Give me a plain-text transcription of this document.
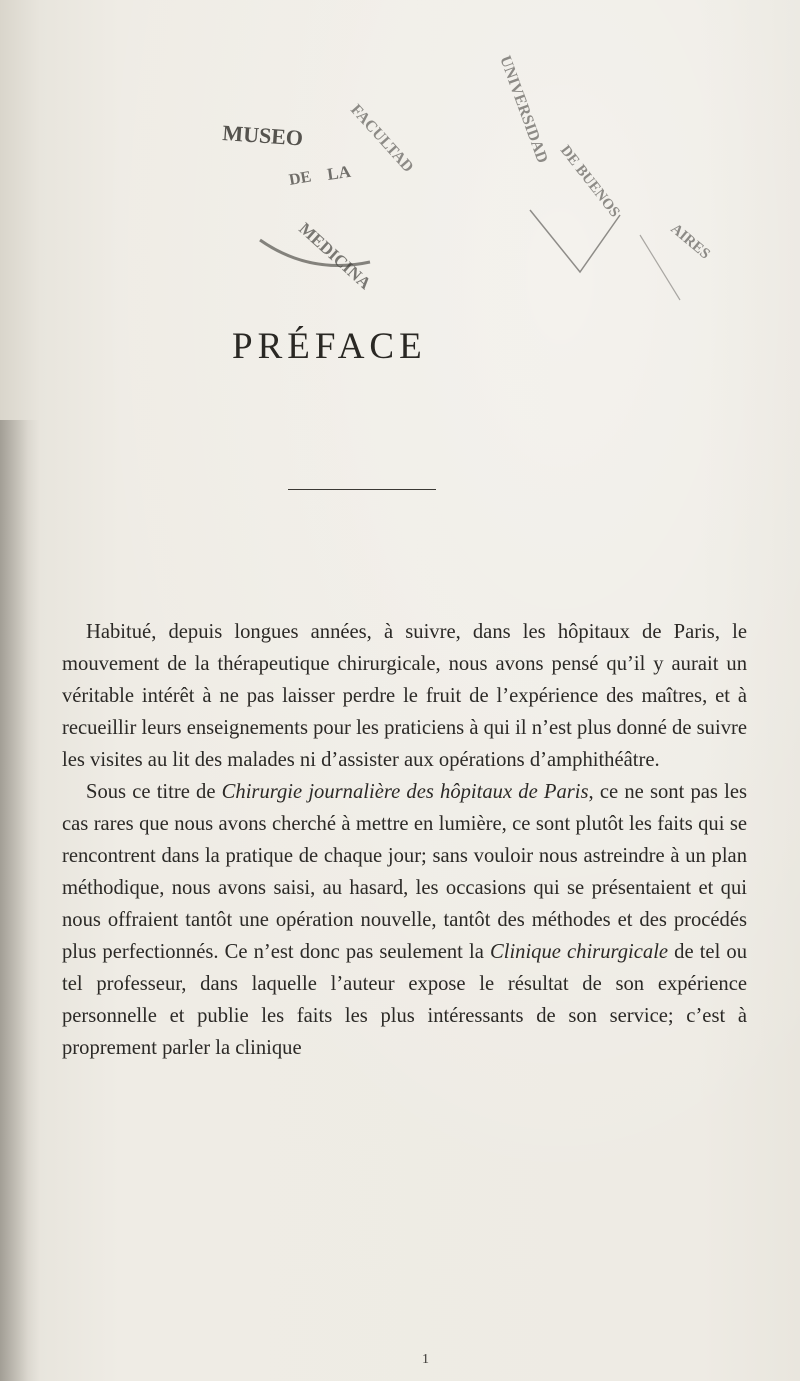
MUSEO
DE LA
MEDICINA
FACULTAD	UNIVERSIDAD
DE BUENOS
AIRES
PRÉFACE

Habitué, depuis longues années, à suivre, dans les hôpitaux de Paris, le mouvement de la thérapeutique chirurgicale, nous avons pensé qu’il y aurait un véritable intérêt à ne pas laisser perdre le fruit de l’expérience des maîtres, et à recueillir leurs enseignements pour les praticiens à qui il n’est plus donné de suivre les visites au lit des malades ni d’assister aux opérations d’amphithéâtre.

Sous ce titre de Chirurgie journalière des hôpitaux de Paris, ce ne sont pas les cas rares que nous avons cherché à mettre en lumière, ce sont plutôt les faits qui se rencontrent dans la pratique de chaque jour; sans vouloir nous astreindre à un plan méthodique, nous avons saisi, au hasard, les occasions qui se présentaient et qui nous offraient tantôt une opération nouvelle, tantôt des méthodes et des procédés plus perfectionnés. Ce n’est donc pas seulement la Clinique chirurgicale de tel ou tel professeur, dans laquelle l’auteur expose le résultat de son expérience personnelle et publie les faits les plus intéressants de son service; c’est à proprement parler la clinique

1
